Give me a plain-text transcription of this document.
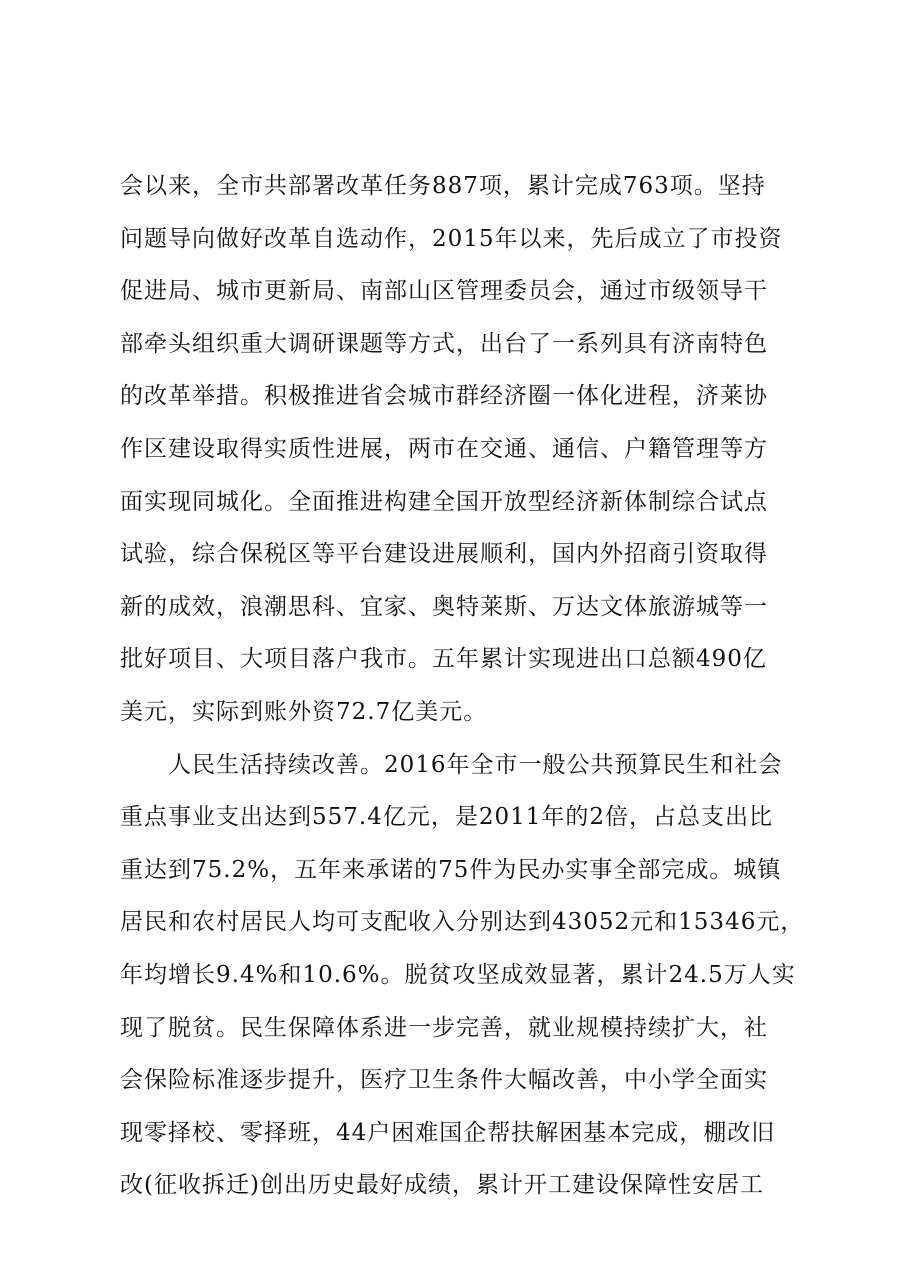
会以来，全市共部署改革任务887项，累计完成763项。坚持
问题导向做好改革自选动作，2015年以来，先后成立了市投资
促进局、城市更新局、南部山区管理委员会，通过市级领导干
部牵头组织重大调研课题等方式，出台了一系列具有济南特色
的改革举措。积极推进省会城市群经济圈一体化进程，济莱协
作区建设取得实质性进展，两市在交通、通信、户籍管理等方
面实现同城化。全面推进构建全国开放型经济新体制综合试点
试验，综合保税区等平台建设进展顺利，国内外招商引资取得
新的成效，浪潮思科、宜家、奥特莱斯、万达文体旅游城等一
批好项目、大项目落户我市。五年累计实现进出口总额490亿
美元，实际到账外资72.7亿美元。
人民生活持续改善。2016年全市一般公共预算民生和社会
重点事业支出达到557.4亿元，是2011年的2倍，占总支出比
重达到75.2%，五年来承诺的75件为民办实事全部完成。城镇
居民和农村居民人均可支配收入分别达到43052元和15346元，
年均增长9.4%和10.6%。脱贫攻坚成效显著，累计24.5万人实
现了脱贫。民生保障体系进一步完善，就业规模持续扩大，社
会保险标准逐步提升，医疗卫生条件大幅改善，中小学全面实
现零择校、零择班，44户困难国企帮扶解困基本完成，棚改旧
改(征收拆迁)创出历史最好成绩，累计开工建设保障性安居工
